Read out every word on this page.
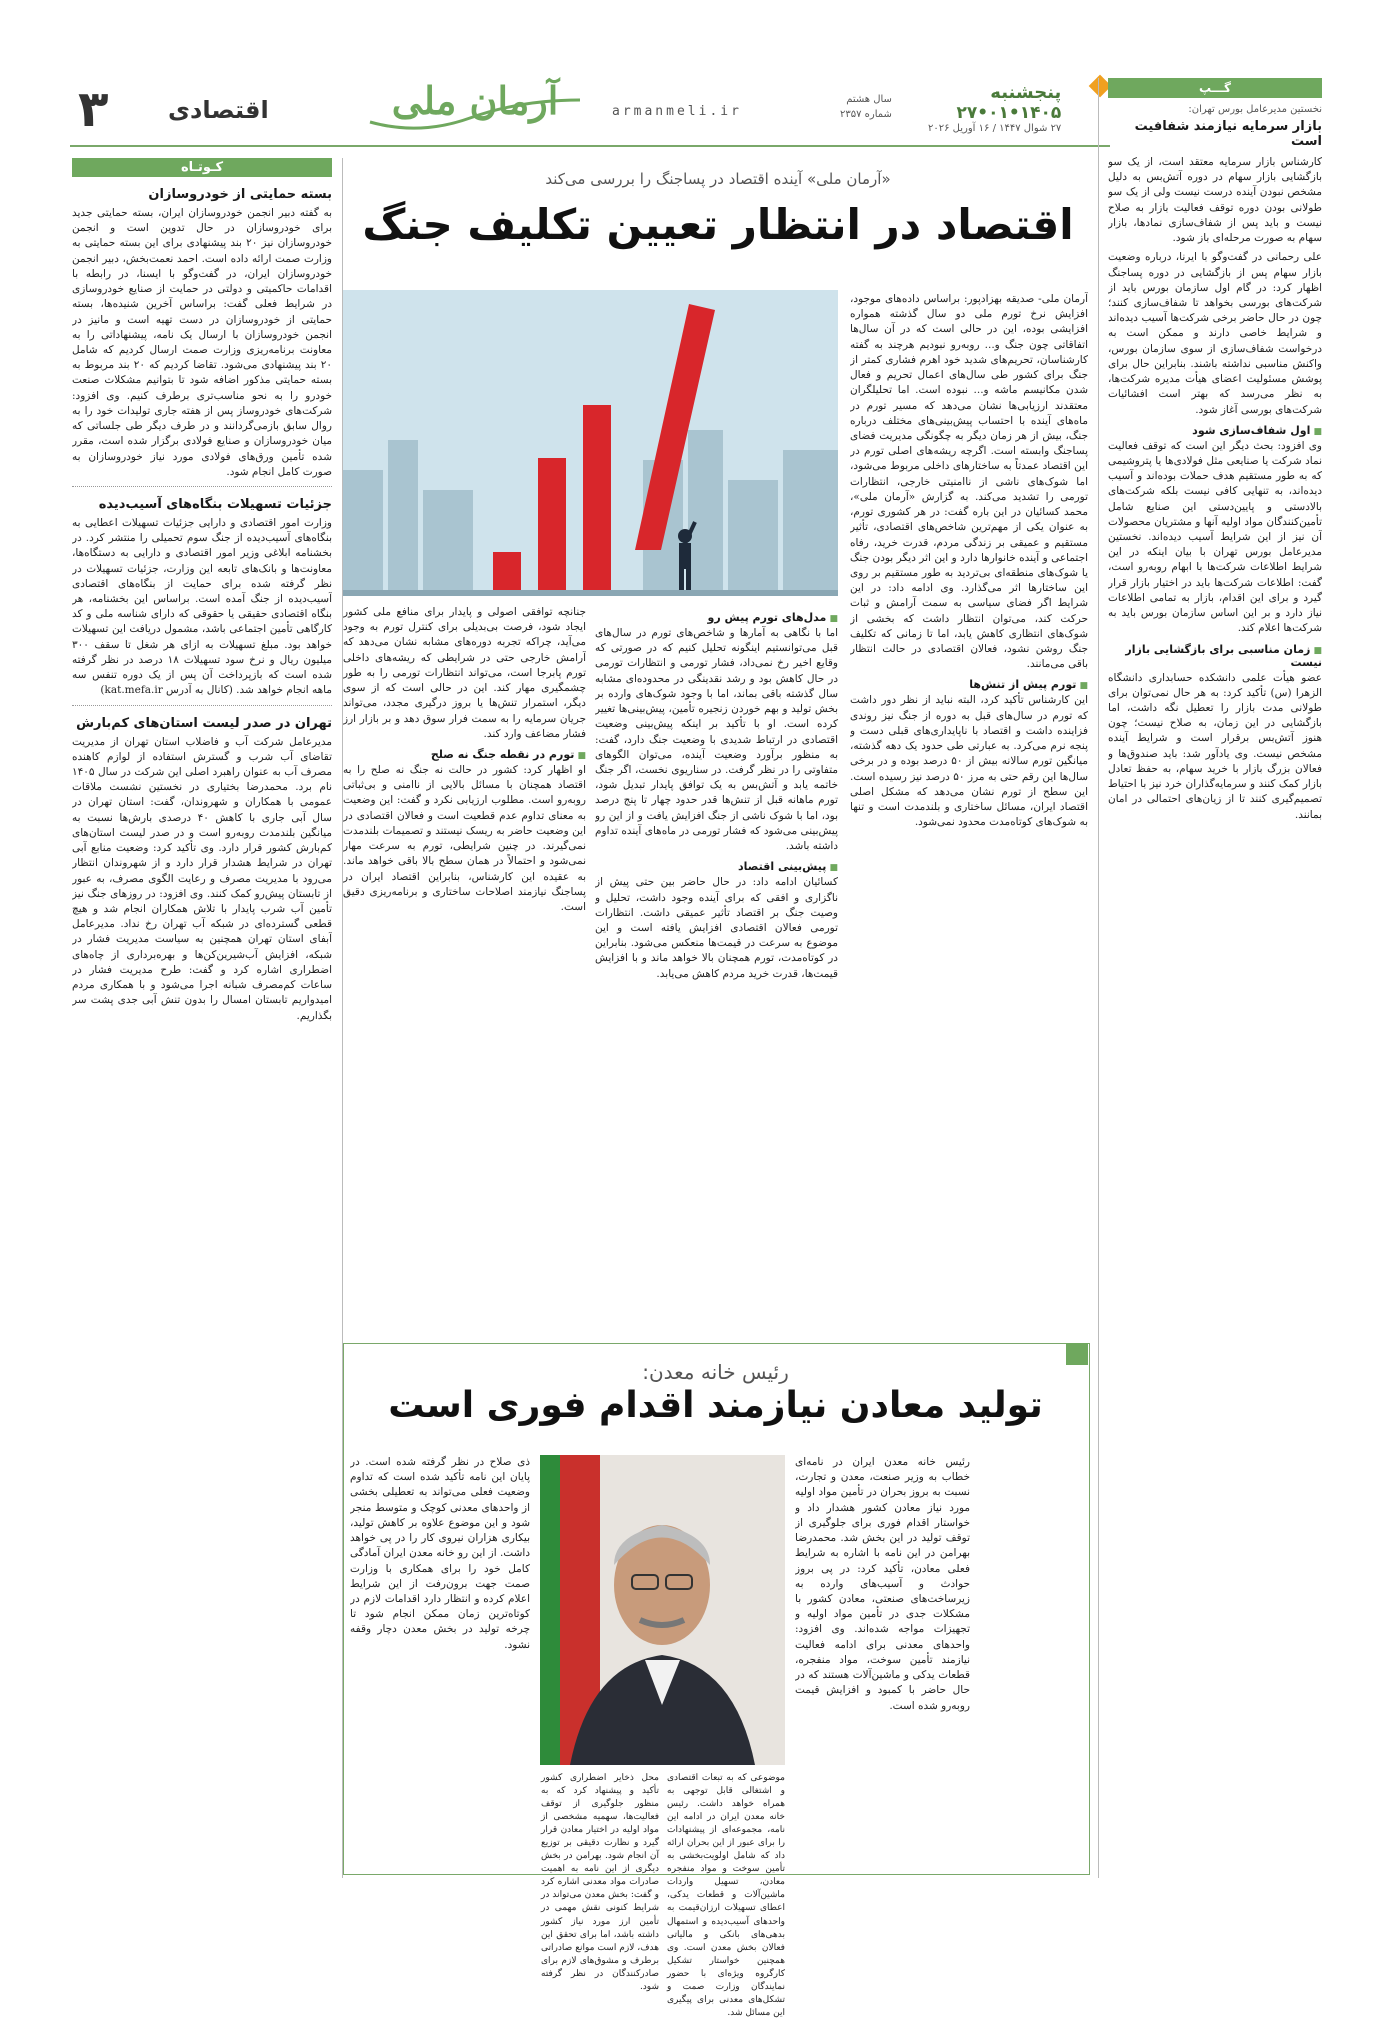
۳ اقتصادی	آرمان ملی	armanmeli.ir
سال هشتم
شماره ۲۳۵۷
پنجشنبه
۱۴۰۵•۰۱•۲۷
۲۷ شوال ۱۴۴۷ / ۱۶ آوریل ۲۰۲۶
گـــپ
نخستین مدیرعامل بورس تهران:
بازار سرمایه نیازمند شفافیت است

کارشناس بازار سرمایه معتقد است، از یک سو بازگشایی بازار سهام در دوره آتش‌بس به دلیل مشخص نبودن آینده درست نیست ولی از یک سو طولانی بودن دوره توقف فعالیت بازار به صلاح نیست و باید پس از شفاف‌سازی نمادها، بازار سهام به صورت مرحله‌ای باز شود.

علی رحمانی در گفت‌وگو با ایرنا، درباره وضعیت بازار سهام پس از بازگشایی در دوره پساجنگ اظهار کرد: در گام اول سازمان بورس باید از شرکت‌های بورسی بخواهد تا شفاف‌سازی کنند؛ چون در حال حاضر برخی شرکت‌ها آسیب دیده‌اند و شرایط خاصی دارند و ممکن است به درخواست شفاف‌سازی از سوی سازمان بورس، واکنش مناسبی نداشته باشند. بنابراین حال برای پوشش مسئولیت اعضای هیأت مدیره شرکت‌ها، به نظر می‌رسد که بهتر است افشائیات شرکت‌های بورسی آغاز شود.

■ اول شفاف‌سازی شود

وی افزود: بحث دیگر این است که توقف فعالیت نماد شرکت یا صنایعی مثل فولادی‌ها یا پتروشیمی که به طور مستقیم هدف حملات بوده‌اند و آسیب دیده‌اند، به تنهایی کافی نیست بلکه شرکت‌های بالادستی و پایین‌دستی این صنایع شامل تأمین‌کنندگان مواد اولیه آنها و مشتریان محصولات آن نیز از این شرایط آسیب دیده‌اند. نخستین مدیرعامل بورس تهران با بیان اینکه در این شرایط اطلاعات شرکت‌ها با ابهام روبه‌رو است، گفت: اطلاعات شرکت‌ها باید در اختیار بازار قرار گیرد و برای این اقدام، بازار به تمامی اطلاعات نیاز دارد و بر این اساس سازمان بورس باید به شرکت‌ها اعلام کند.

■ زمان مناسبی برای بازگشایی بازار نیست

عضو هیأت علمی دانشکده حسابداری دانشگاه الزهرا (س) تأکید کرد: به هر حال نمی‌توان برای طولانی مدت بازار را تعطیل نگه داشت، اما بازگشایی در این زمان، به صلاح نیست؛ چون هنوز آتش‌بس برقرار است و شرایط آینده مشخص نیست. وی یادآور شد: باید صندوق‌ها و فعالان بزرگ بازار با خرید سهام، به حفظ تعادل بازار کمک کنند و سرمایه‌گذاران خرد نیز با احتیاط تصمیم‌گیری کنند تا از زیان‌های احتمالی در امان بمانند.

کـوتـاه
بسته حمایتی از خودروسازان

به گفته دبیر انجمن خودروسازان ایران، بسته حمایتی جدید برای خودروسازان در حال تدوین است و انجمن خودروسازان نیز ۲۰ بند پیشنهادی برای این بسته حمایتی به وزارت صمت ارائه داده است. احمد نعمت‌بخش، دبیر انجمن خودروسازان ایران، در گفت‌وگو با ایسنا، در رابطه با اقدامات حاکمیتی و دولتی در حمایت از صنایع خودروسازی در شرایط فعلی گفت: براساس آخرین شنیده‌ها، بسته حمایتی از خودروسازان در دست تهیه است و مانیز در انجمن خودروسازان با ارسال یک نامه، پیشنهاداتی را به معاونت برنامه‌ریزی وزارت صمت ارسال کردیم که شامل ۲۰ بند پیشنهادی می‌شود. تقاضا کردیم که ۲۰ بند مربوط به بسته حمایتی مذکور اضافه شود تا بتوانیم مشکلات صنعت خودرو را به نحو مناسب‌تری برطرف کنیم. وی افزود: شرکت‌های خودروساز پس از هفته جاری تولیدات خود را به روال سابق بازمی‌گردانند و در طرف دیگر طی جلساتی که میان خودروسازان و صنایع فولادی برگزار شده است، مقرر شده تأمین ورق‌های فولادی مورد نیاز خودروسازان به صورت کامل انجام شود.

جزئیات تسهیلات بنگاه‌های آسیب‌دیده

وزارت امور اقتصادی و دارایی جزئیات تسهیلات اعطایی به بنگاه‌های آسیب‌دیده از جنگ سوم تحمیلی را منتشر کرد. در بخشنامه ابلاغی وزیر امور اقتصادی و دارایی به دستگاه‌ها، معاونت‌ها و بانک‌های تابعه این وزارت، جزئیات تسهیلات در نظر گرفته شده برای حمایت از بنگاه‌های اقتصادی آسیب‌دیده از جنگ آمده است. براساس این بخشنامه، هر بنگاه اقتصادی حقیقی یا حقوقی که دارای شناسه ملی و کد کارگاهی تأمین اجتماعی باشد، مشمول دریافت این تسهیلات خواهد بود. مبلغ تسهیلات به ازای هر شغل تا سقف ۳۰۰ میلیون ریال و نرخ سود تسهیلات ۱۸ درصد در نظر گرفته شده است که بازپرداخت آن پس از یک دوره تنفس سه ماهه انجام خواهد شد. (کانال به آدرس kat.mefa.ir)

تهران در صدر لیست استان‌های کم‌بارش

مدیرعامل شرکت آب و فاضلاب استان تهران از مدیریت تقاضای آب شرب و گسترش استفاده از لوازم کاهنده مصرف آب به عنوان راهبرد اصلی این شرکت در سال ۱۴۰۵ نام برد. محمدرضا بختیاری در نخستین نشست ملاقات عمومی با همکاران و شهروندان، گفت: استان تهران در سال آبی جاری با کاهش ۴۰ درصدی بارش‌ها نسبت به میانگین بلندمدت روبه‌رو است و در صدر لیست استان‌های کم‌بارش کشور قرار دارد. وی تأکید کرد: وضعیت منابع آبی تهران در شرایط هشدار قرار دارد و از شهروندان انتظار می‌رود با مدیریت مصرف و رعایت الگوی مصرف، به عبور از تابستان پیش‌رو کمک کنند. وی افزود: در روزهای جنگ نیز تأمین آب شرب پایدار با تلاش همکاران انجام شد و هیچ قطعی گسترده‌ای در شبکه آب تهران رخ نداد. مدیرعامل آبفای استان تهران همچنین به سیاست مدیریت فشار در شبکه، افزایش آب‌شیرین‌کن‌ها و بهره‌برداری از چاه‌های اضطراری اشاره کرد و گفت: طرح مدیریت فشار در ساعات کم‌مصرف شبانه اجرا می‌شود و با همکاری مردم امیدواریم تابستان امسال را بدون تنش آبی جدی پشت سر بگذاریم.

«آرمان ملی» آینده اقتصاد در پساجنگ را بررسی می‌کند
اقتصاد در انتظار تعیین تکلیف جنگ

آرمان ملی- صدیقه بهزادپور: براساس داده‌های موجود، افزایش نرخ تورم ملی دو سال گذشته همواره افزایشی بوده، این در حالی است که در آن سال‌ها اتفاقاتی چون جنگ و... روبه‌رو نبودیم هرچند به گفته کارشناسان، تحریم‌های شدید خود اهرم فشاری کمتر از جنگ برای کشور طی سال‌های اعمال تحریم و فعال شدن مکانیسم ماشه و... نبوده است. اما تحلیلگران معتقدند ارزیابی‌ها نشان می‌دهد که مسیر تورم در ماه‌های آینده با احتساب پیش‌بینی‌های مختلف درباره جنگ، بیش از هر زمان دیگر به چگونگی مدیریت فضای پساجنگ وابسته است. اگرچه ریشه‌های اصلی تورم در این اقتصاد عمدتاً به ساختارهای داخلی مربوط می‌شود، اما شوک‌های ناشی از ناامنیتی خارجی، انتظارات تورمی را تشدید می‌کند. به گزارش «آرمان ملی»، محمد کسائیان در این باره گفت: در هر کشوری تورم، به عنوان یکی از مهم‌ترین شاخص‌های اقتصادی، تأثیر مستقیم و عمیقی بر زندگی مردم، قدرت خرید، رفاه اجتماعی و آینده خانوارها دارد و این اثر دیگر بودن جنگ یا شوک‌های منطقه‌ای بی‌تردید به طور مستقیم بر روی این ساختارها اثر می‌گذارد. وی ادامه داد: در این شرایط اگر فضای سیاسی به سمت آرامش و ثبات حرکت کند، می‌توان انتظار داشت که بخشی از شوک‌های انتظاری کاهش یابد، اما تا زمانی که تکلیف جنگ روشن نشود، فعالان اقتصادی در حالت انتظار باقی می‌مانند.

■ تورم پیش از تنش‌ها

این کارشناس تأکید کرد، البته نباید از نظر دور داشت که تورم در سال‌های قبل به دوره از جنگ نیز روندی فزاینده داشت و اقتصاد با ناپایداری‌های قبلی دست و پنجه نرم می‌کرد. به عبارتی طی حدود یک دهه گذشته، میانگین تورم سالانه بیش از ۵۰ درصد بوده و در برخی سال‌ها این رقم حتی به مرز ۵۰ درصد نیز رسیده است. این سطح از تورم نشان می‌دهد که مشکل اصلی اقتصاد ایران، مسائل ساختاری و بلندمدت است و تنها به شوک‌های کوتاه‌مدت محدود نمی‌شود.

■ مدل‌های تورم پیش رو

اما با نگاهی به آمارها و شاخص‌های تورم در سال‌های قبل می‌توانستیم اینگونه تحلیل کنیم که در صورتی که وقایع اخیر رخ نمی‌داد، فشار تورمی و انتظارات تورمی در حال کاهش بود و رشد نقدینگی در محدوده‌ای مشابه سال گذشته باقی بماند، اما با وجود شوک‌های وارده بر بخش تولید و بهم خوردن زنجیره تأمین، پیش‌بینی‌ها تغییر کرده است. او با تأکید بر اینکه پیش‌بینی وضعیت اقتصادی در ارتباط شدیدی با وضعیت جنگ دارد، گفت: به منظور برآورد وضعیت آینده، می‌توان الگوهای متفاوتی را در نظر گرفت. در سناریوی نخست، اگر جنگ خاتمه یابد و آتش‌بس به یک توافق پایدار تبدیل شود، تورم ماهانه قبل از تنش‌ها قدر حدود چهار تا پنج درصد بود، اما با شوک ناشی از جنگ افزایش یافت و از این رو پیش‌بینی می‌شود که فشار تورمی در ماه‌های آینده تداوم داشته باشد.

■ پیش‌بینی اقتصاد

کسائیان ادامه داد: در حال حاضر بین حتی پیش از ناگزاری و افقی که برای آینده وجود داشت، تحلیل و وصیت جنگ بر اقتصاد تأثیر عمیقی داشت. انتظارات تورمی فعالان اقتصادی افزایش یافته است و این موضوع به سرعت در قیمت‌ها منعکس می‌شود. بنابراین در کوتاه‌مدت، تورم همچنان بالا خواهد ماند و با افزایش قیمت‌ها، قدرت خرید مردم کاهش می‌یابد.

جنانچه توافقی اصولی و پایدار برای منافع ملی کشور ایجاد شود، فرصت بی‌بدیلی برای کنترل تورم به وجود می‌آید، چراکه تجربه دوره‌های مشابه نشان می‌دهد که آرامش خارجی حتی در شرایطی که ریشه‌های داخلی تورم پابرجا است، می‌تواند انتظارات تورمی را به طور چشمگیری مهار کند. این در حالی است که از سوی دیگر، استمرار تنش‌ها یا بروز درگیری مجدد، می‌تواند جریان سرمایه را به سمت فرار سوق دهد و بر بازار ارز فشار مضاعف وارد کند.

■ تورم در نقطه جنگ نه صلح

او اظهار کرد: کشور در حالت نه جنگ نه صلح را به اقتصاد همچنان با مسائل بالایی از ناامنی و بی‌ثباتی روبه‌رو است. مطلوب ارزیابی نکرد و گفت: این وضعیت به معنای تداوم عدم قطعیت است و فعالان اقتصادی در این وضعیت حاضر به ریسک نیستند و تصمیمات بلندمدت نمی‌گیرند. در چنین شرایطی، تورم به سرعت مهار نمی‌شود و احتمالاً در همان سطح بالا باقی خواهد ماند. به عقیده این کارشناس، بنابراین اقتصاد ایران در پساجنگ نیازمند اصلاحات ساختاری و برنامه‌ریزی دقیق است.

رئیس خانه معدن:
تولید معادن نیازمند اقدام فوری است

رئیس خانه معدن ایران در نامه‌ای خطاب به وزیر صنعت، معدن و تجارت، نسبت به بروز بحران در تأمین مواد اولیه مورد نیاز معادن کشور هشدار داد و خواستار اقدام فوری برای جلوگیری از توقف تولید در این بخش شد. محمدرضا بهرامن در این نامه با اشاره به شرایط فعلی معادن، تأکید کرد: در پی بروز حوادث و آسیب‌های وارده به زیرساخت‌های صنعتی، معادن کشور با مشکلات جدی در تأمین مواد اولیه و تجهیزات مواجه شده‌اند. وی افزود: واحدهای معدنی برای ادامه فعالیت نیازمند تأمین سوخت، مواد منفجره، قطعات یدکی و ماشین‌آلات هستند که در حال حاضر با کمبود و افزایش قیمت روبه‌رو شده است.

ذی صلاح در نظر گرفته شده است. در پایان این نامه تأکید شده است که تداوم وضعیت فعلی می‌تواند به تعطیلی بخشی از واحدهای معدنی کوچک و متوسط منجر شود و این موضوع علاوه بر کاهش تولید، بیکاری هزاران نیروی کار را در پی خواهد داشت. از این رو خانه معدن ایران آمادگی کامل خود را برای همکاری با وزارت صمت جهت برون‌رفت از این شرایط اعلام کرده و انتظار دارد اقدامات لازم در کوتاه‌ترین زمان ممکن انجام شود تا چرخه تولید در بخش معدن دچار وقفه نشود.

موضوعی که به تبعات اقتصادی و اشتغالی قابل توجهی به همراه خواهد داشت. رئیس خانه معدن ایران در ادامه این نامه، مجموعه‌ای از پیشنهادات را برای عبور از این بحران ارائه داد که شامل اولویت‌بخشی به تأمین سوخت و مواد منفجره معادن، تسهیل واردات ماشین‌آلات و قطعات یدکی، اعطای تسهیلات ارزان‌قیمت به واحدهای آسیب‌دیده و استمهال بدهی‌های بانکی و مالیاتی فعالان بخش معدن است. وی همچنین خواستار تشکیل کارگروه ویژه‌ای با حضور نمایندگان وزارت صمت و تشکل‌های معدنی برای پیگیری این مسائل شد.

محل ذخایر اضطراری کشور تأکید و پیشنهاد کرد که به منظور جلوگیری از توقف فعالیت‌ها، سهمیه مشخصی از مواد اولیه در اختیار معادن قرار گیرد و نظارت دقیقی بر توزیع آن انجام شود. بهرامن در بخش دیگری از این نامه به اهمیت صادرات مواد معدنی اشاره کرد و گفت: بخش معدن می‌تواند در شرایط کنونی نقش مهمی در تأمین ارز مورد نیاز کشور داشته باشد، اما برای تحقق این هدف، لازم است موانع صادراتی برطرف و مشوق‌های لازم برای صادرکنندگان در نظر گرفته شود.
